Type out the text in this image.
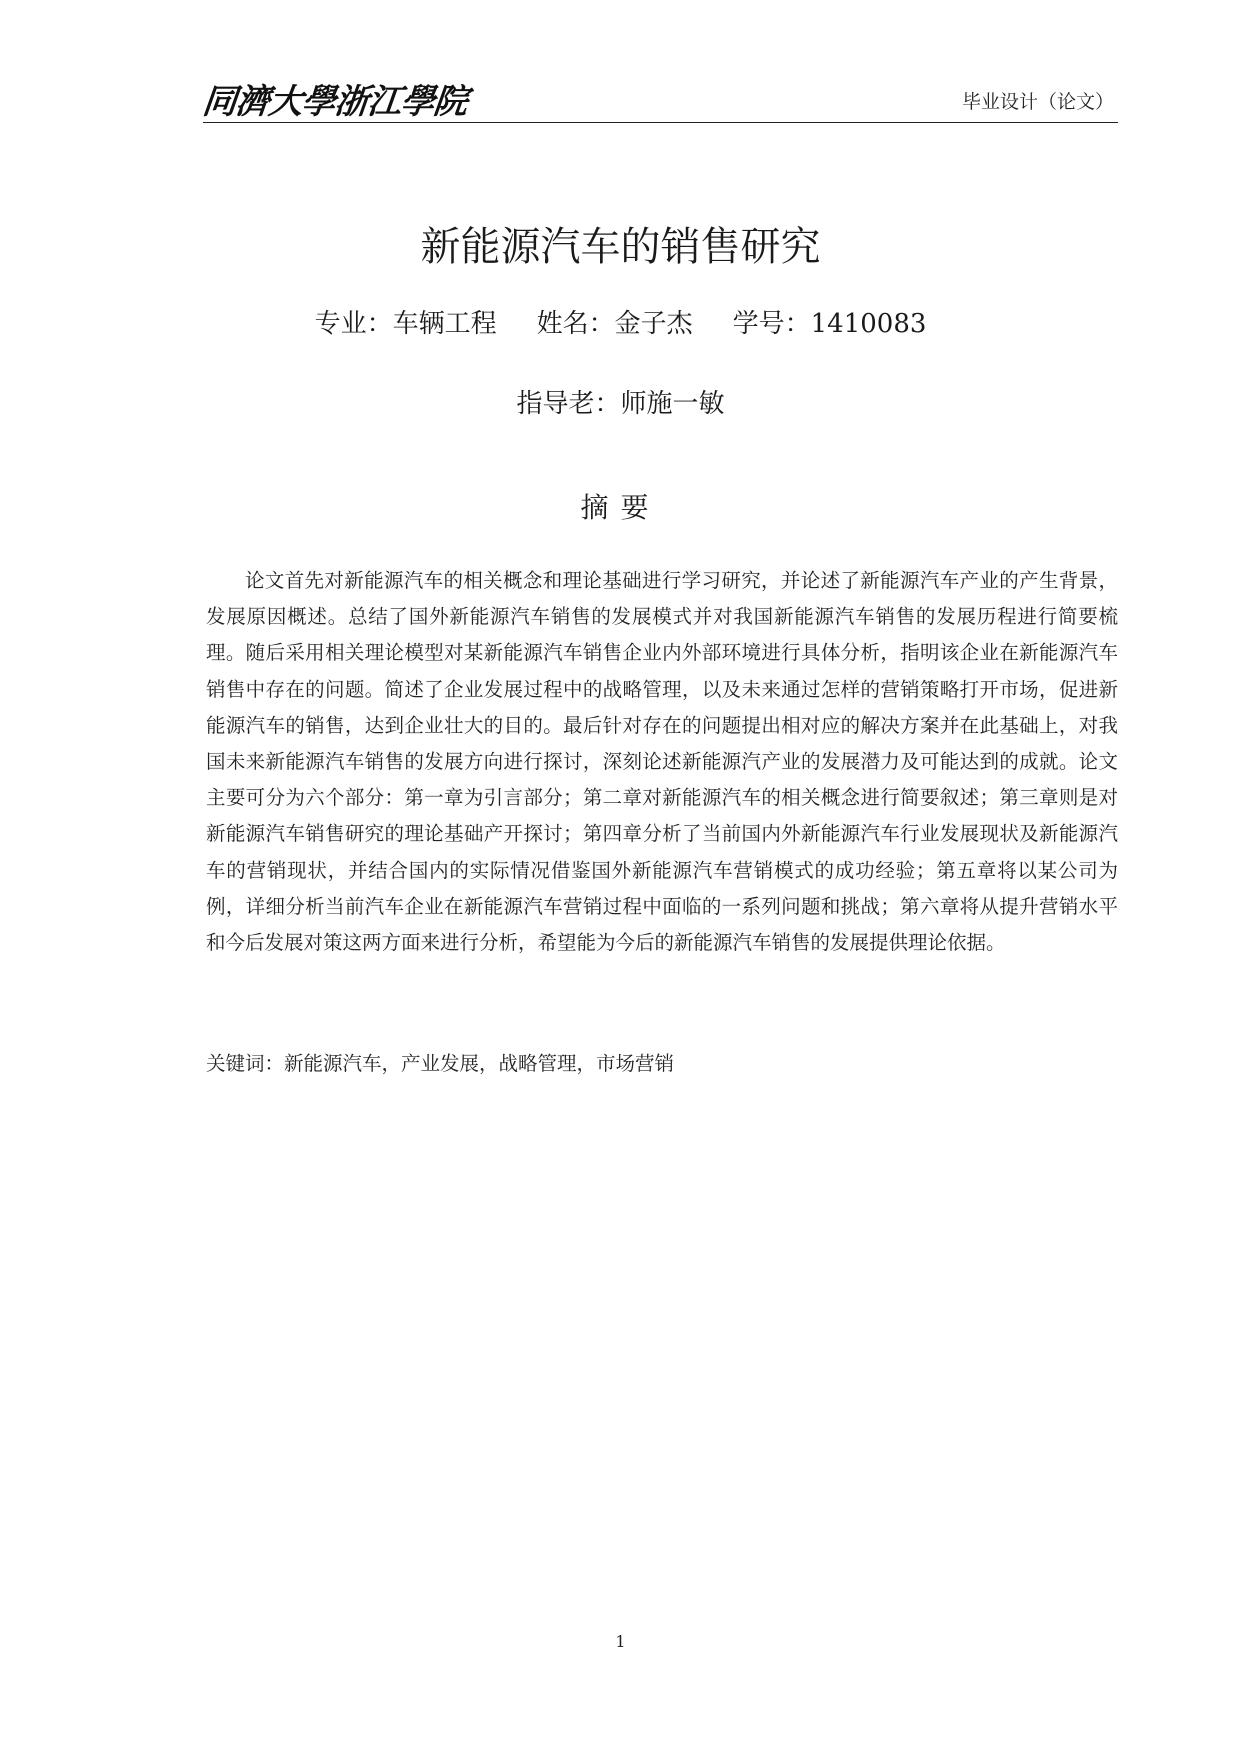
同濟大學浙江學院	毕业设计（论文）
新能源汽车的销售研究
专业：车辆工程 姓名：金子杰 学号：1410083
指导老：师施一敏
摘要
论文首先对新能源汽车的相关概念和理论基础进行学习研究，并论述了新能源汽车产业的产生背景，发展原因概述。总结了国外新能源汽车销售的发展模式并对我国新能源汽车销售的发展历程进行简要梳理。随后采用相关理论模型对某新能源汽车销售企业内外部环境进行具体分析，指明该企业在新能源汽车销售中存在的问题。简述了企业发展过程中的战略管理，以及未来通过怎样的营销策略打开市场，促进新能源汽车的销售，达到企业壮大的目的。最后针对存在的问题提出相对应的解决方案并在此基础上，对我国未来新能源汽车销售的发展方向进行探讨，深刻论述新能源汽产业的发展潜力及可能达到的成就。论文主要可分为六个部分：第一章为引言部分；第二章对新能源汽车的相关概念进行简要叙述；第三章则是对新能源汽车销售研究的理论基础产开探讨；第四章分析了当前国内外新能源汽车行业发展现状及新能源汽车的营销现状，并结合国内的实际情况借鉴国外新能源汽车营销模式的成功经验；第五章将以某公司为例，详细分析当前汽车企业在新能源汽车营销过程中面临的一系列问题和挑战；第六章将从提升营销水平和今后发展对策这两方面来进行分析，希望能为今后的新能源汽车销售的发展提供理论依据。
关键词：新能源汽车，产业发展，战略管理，市场营销
1
